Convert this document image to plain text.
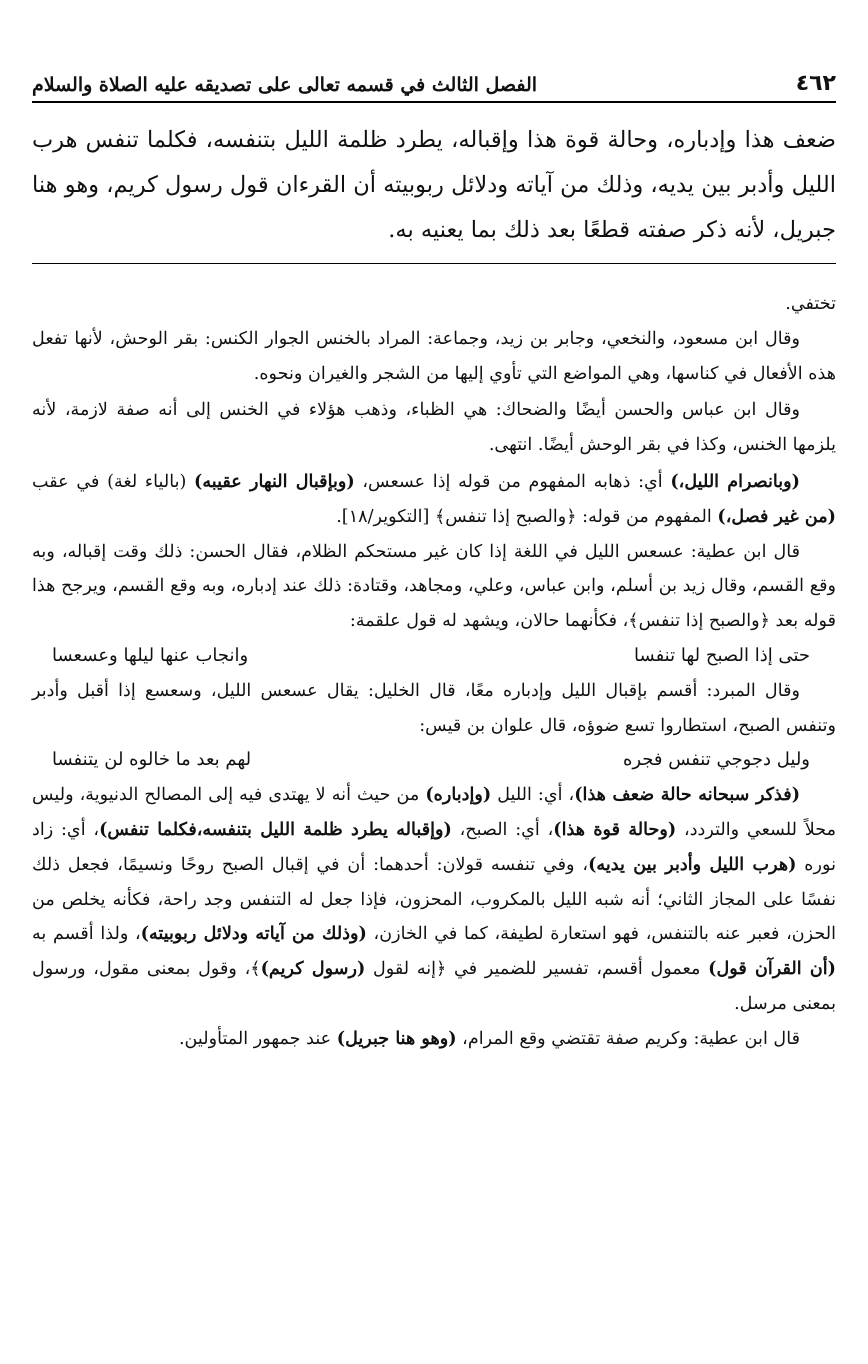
٤٦٢
الفصل الثالث في قسمه تعالى على تصديقه عليه الصلاة والسلام

ضعف هذا وإدباره، وحالة قوة هذا وإقباله، يطرد ظلمة الليل بتنفسه، فكلما تنفس هرب الليل وأدبر بين يديه، وذلك من آياته ودلائل ربوبيته أن القرءان قول رسول كريم، وهو هنا جبريل، لأنه ذكر صفته قطعًا بعد ذلك بما يعنيه به.

تختفي.

وقال ابن مسعود، والنخعي، وجابر بن زيد، وجماعة: المراد بالخنس الجوار الكنس: بقر الوحش، لأنها تفعل هذه الأفعال في كناسها، وهي المواضع التي تأوي إليها من الشجر والغيران ونحوه.

وقال ابن عباس والحسن أيضًا والضحاك: هي الظباء، وذهب هؤلاء في الخنس إلى أنه صفة لازمة، لأنه يلزمها الخنس، وكذا في بقر الوحش أيضًا. انتهى.

(وبانصرام الليل،) أي: ذهابه المفهوم من قوله إذا عسعس، (وبإقبال النهار عقيبه) (بالياء لغة) في عقب (من غير فصل،) المفهوم من قوله: ﴿والصبح إذا تنفس﴾ [التكوير/١٨].

قال ابن عطية: عسعس الليل في اللغة إذا كان غير مستحكم الظلام، فقال الحسن: ذلك وقت إقباله، وبه وقع القسم، وقال زيد بن أسلم، وابن عباس، وعلي، ومجاهد، وقتادة: ذلك عند إدباره، وبه وقع القسم، ويرجح هذا قوله بعد ﴿والصبح إذا تنفس﴾، فكأنهما حالان، ويشهد له قول علقمة:

حتى إذا الصبح لها تنفسا
وانجاب عنها ليلها وعسعسا

وقال المبرد: أقسم بإقبال الليل وإدباره معًا، قال الخليل: يقال عسعس الليل، وسعسع إذا أقبل وأدبر وتنفس الصبح، استطاروا تسع ضوؤه، قال علوان بن قيس:

وليل دجوجي تنفس فجره
لهم بعد ما خالوه لن يتنفسا

(فذكر سبحانه حالة ضعف هذا)، أي: الليل (وإدباره) من حيث أنه لا يهتدى فيه إلى المصالح الدنيوية، وليس محلاً للسعي والتردد، (وحالة قوة هذا)، أي: الصبح، (وإقباله يطرد ظلمة الليل بتنفسه،فكلما تنفس)، أي: زاد نوره (هرب الليل وأدبر بين يديه)، وفي تنفسه قولان: أحدهما: أن في إقبال الصبح روحًا ونسيمًا، فجعل ذلك نفسًا على المجاز الثاني؛ أنه شبه الليل بالمكروب، المحزون، فإذا جعل له التنفس وجد راحة، فكأنه يخلص من الحزن، فعبر عنه بالتنفس، فهو استعارة لطيفة، كما في الخازن، (وذلك من آياته ودلائل ربوبيته)، ولذا أقسم به (أن القرآن قول) معمول أقسم، تفسير للضمير في ﴿إنه لقول (رسول كريم)﴾، وقول بمعنى مقول، ورسول بمعنى مرسل.

قال ابن عطية: وكريم صفة تقتضي وقع المرام، (وهو هنا جبريل) عند جمهور المتأولين.
